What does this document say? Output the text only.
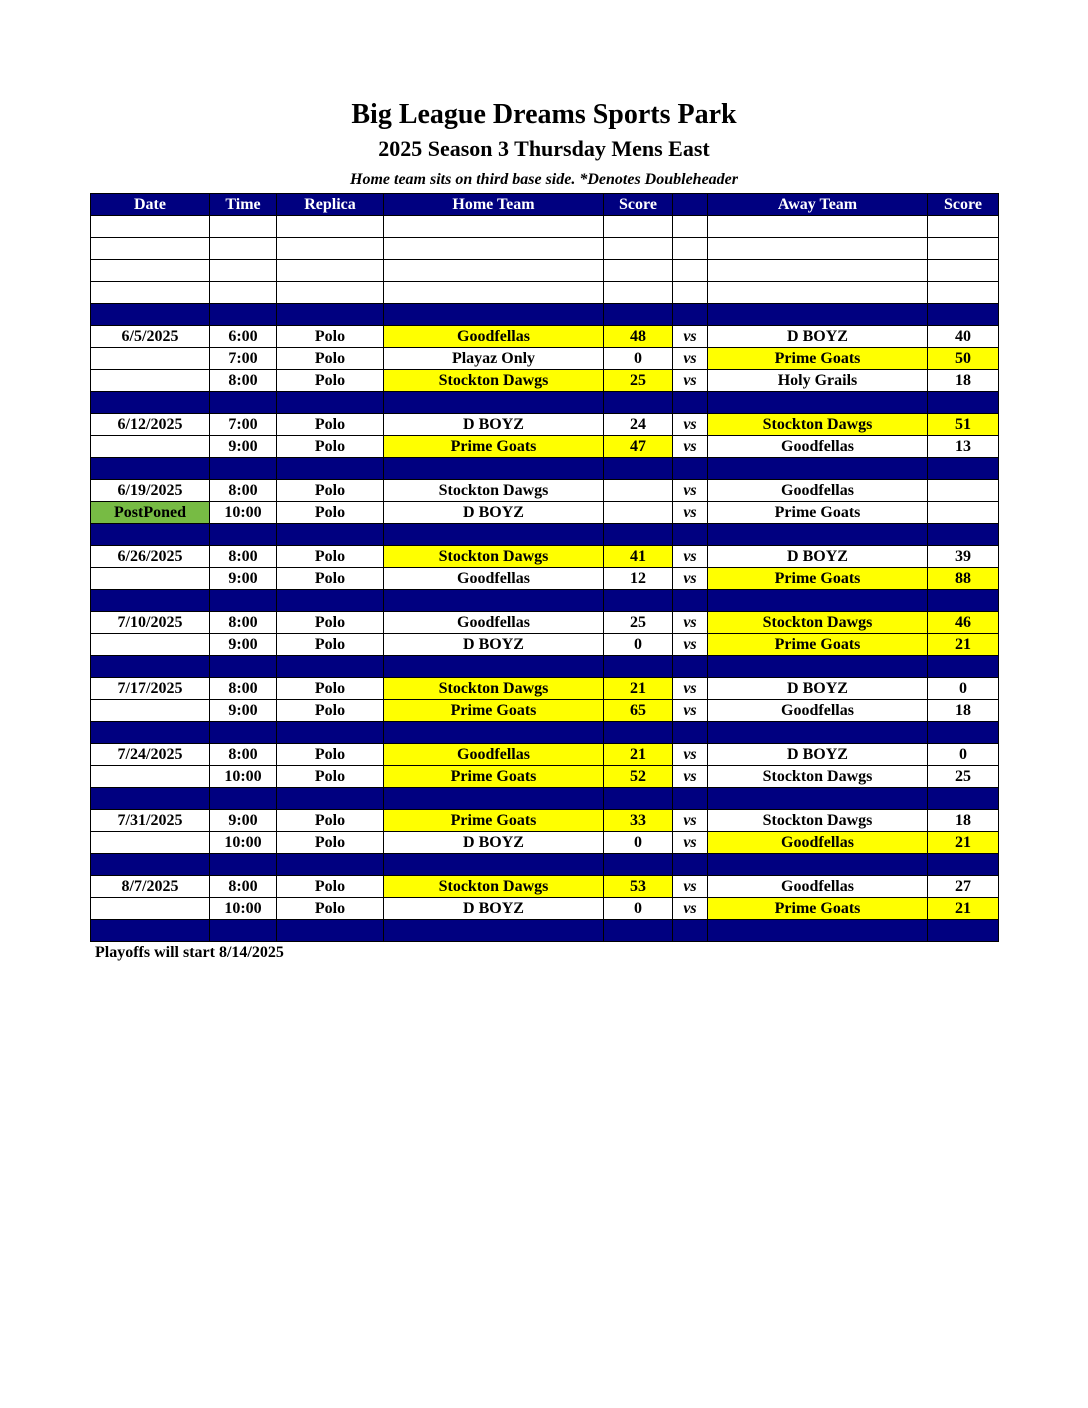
Big League Dreams Sports Park
2025 Season 3 Thursday Mens East
Home team sits on third base side. *Denotes Doubleheader
Date	Time	Replica	Home Team	Score		Away Team	Score

6/5/2025	6:00	Polo	Goodfellas	48	vs	D BOYZ	40
	7:00	Polo	Playaz Only	0	vs	Prime Goats	50
	8:00	Polo	Stockton Dawgs	25	vs	Holy Grails	18

6/12/2025	7:00	Polo	D BOYZ	24	vs	Stockton Dawgs	51
	9:00	Polo	Prime Goats	47	vs	Goodfellas	13

6/19/2025	8:00	Polo	Stockton Dawgs		vs	Goodfellas	
PostPoned	10:00	Polo	D BOYZ		vs	Prime Goats	

6/26/2025	8:00	Polo	Stockton Dawgs	41	vs	D BOYZ	39
	9:00	Polo	Goodfellas	12	vs	Prime Goats	88

7/10/2025	8:00	Polo	Goodfellas	25	vs	Stockton Dawgs	46
	9:00	Polo	D BOYZ	0	vs	Prime Goats	21

7/17/2025	8:00	Polo	Stockton Dawgs	21	vs	D BOYZ	0
	9:00	Polo	Prime Goats	65	vs	Goodfellas	18

7/24/2025	8:00	Polo	Goodfellas	21	vs	D BOYZ	0
	10:00	Polo	Prime Goats	52	vs	Stockton Dawgs	25

7/31/2025	9:00	Polo	Prime Goats	33	vs	Stockton Dawgs	18
	10:00	Polo	D BOYZ	0	vs	Goodfellas	21

8/7/2025	8:00	Polo	Stockton Dawgs	53	vs	Goodfellas	27
	10:00	Polo	D BOYZ	0	vs	Prime Goats	21

Playoffs will start 8/14/2025
